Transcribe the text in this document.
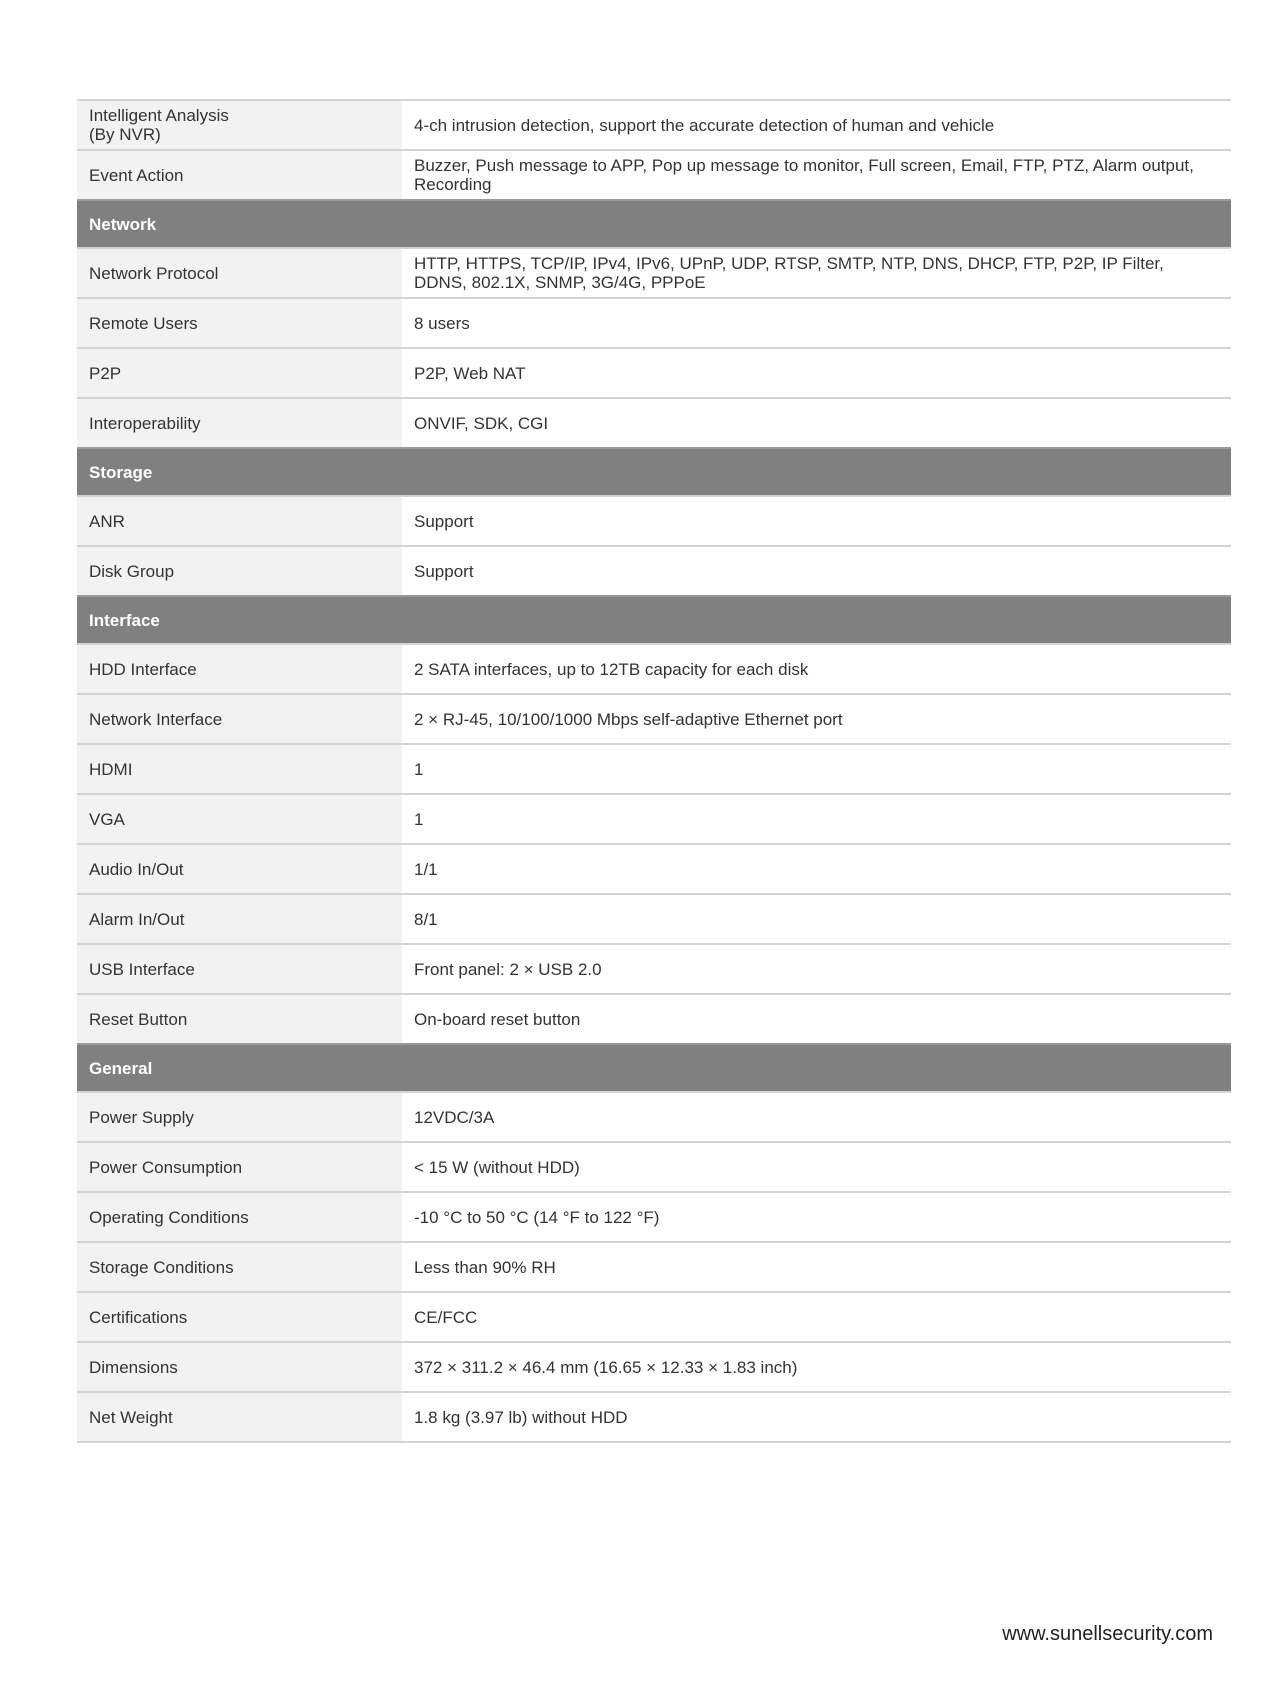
Intelligent Analysis
(By NVR)	4-ch intrusion detection, support the accurate detection of human and vehicle
Event Action	Buzzer, Push message to APP, Pop up message to monitor, Full screen, Email, FTP, PTZ, Alarm output, Recording
Network	
Network Protocol	HTTP, HTTPS, TCP/IP, IPv4, IPv6, UPnP, UDP, RTSP, SMTP, NTP, DNS, DHCP, FTP, P2P, IP Filter, DDNS, 802.1X, SNMP, 3G/4G, PPPoE
Remote Users	8 users
P2P	P2P, Web NAT
Interoperability	ONVIF, SDK, CGI
Storage	
ANR	Support
Disk Group	Support
Interface	
HDD Interface	2 SATA interfaces, up to 12TB capacity for each disk
Network Interface	2 × RJ-45, 10/100/1000 Mbps self-adaptive Ethernet port
HDMI	1
VGA	1
Audio In/Out	1/1
Alarm In/Out	8/1
USB Interface	Front panel: 2 × USB 2.0
Reset Button	On-board reset button
General	
Power Supply	12VDC/3A
Power Consumption	< 15 W (without HDD)
Operating Conditions	-10 °C to 50 °C (14 °F to 122 °F)
Storage Conditions	Less than 90% RH
Certifications	CE/FCC
Dimensions	372 × 311.2 × 46.4 mm (16.65 × 12.33 × 1.83 inch)
Net Weight	1.8 kg (3.97 lb) without HDD
www.sunellsecurity.com
